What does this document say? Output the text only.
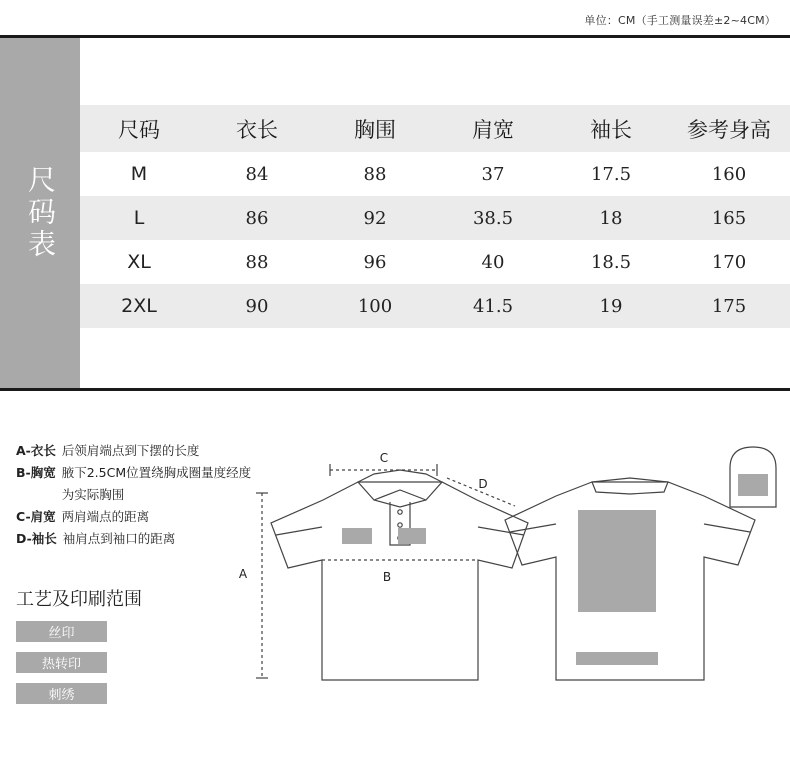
单位：CM（手工测量误差±2~4CM）
尺码表
尺码	衣长	胸围	肩宽	袖长	参考身高
M	84	88	37	17.5	160
L	86	92	38.5	18	165
XL	88	96	40	18.5	170
2XL	90	100	41.5	19	175
A-衣长 后领肩端点到下摆的长度
B-胸宽 腋下2.5CM位置绕胸成圈量度经度为实际胸围
C-肩宽 两肩端点的距离
D-袖长 袖肩点到袖口的距离
工艺及印刷范围
丝印
热转印
刺绣
C
B
A
D
